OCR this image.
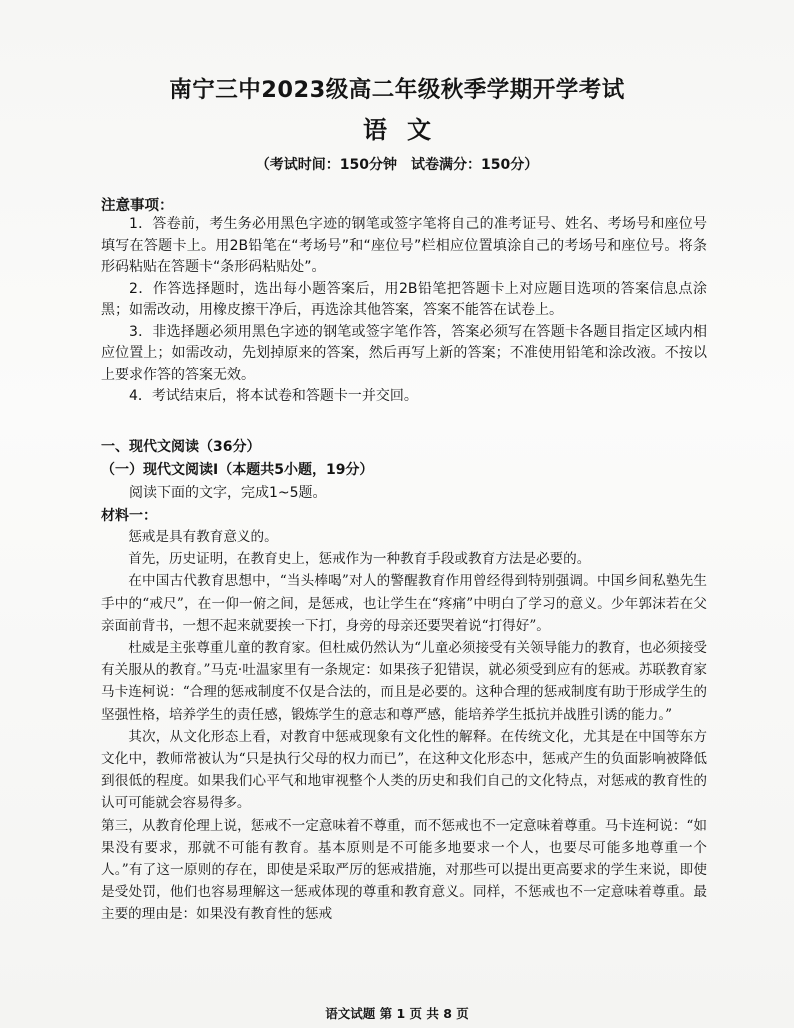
南宁三中2023级高二年级秋季学期开学考试
语文
（考试时间：150分钟　试卷满分：150分）
注意事项：

1．答卷前，考生务必用黑色字迹的钢笔或签字笔将自己的准考证号、姓名、考场号和座位号填写在答题卡上。用2B铅笔在“考场号”和“座位号”栏相应位置填涂自己的考场号和座位号。将条形码粘贴在答题卡“条形码粘贴处”。

2．作答选择题时，选出每小题答案后，用2B铅笔把答题卡上对应题目选项的答案信息点涂黑；如需改动，用橡皮擦干净后，再选涂其他答案，答案不能答在试卷上。

3．非选择题必须用黑色字迹的钢笔或签字笔作答，答案必须写在答题卡各题目指定区域内相应位置上；如需改动，先划掉原来的答案，然后再写上新的答案；不准使用铅笔和涂改液。不按以上要求作答的答案无效。

4．考试结束后，将本试卷和答题卡一并交回。

一、现代文阅读（36分）
（一）现代文阅读Ⅰ（本题共5小题，19分）
阅读下面的文字，完成1~5题。
材料一：

惩戒是具有教育意义的。

首先，历史证明，在教育史上，惩戒作为一种教育手段或教育方法是必要的。

在中国古代教育思想中，“当头棒喝”对人的警醒教育作用曾经得到特别强调。中国乡间私塾先生手中的“戒尺”，在一仰一俯之间，是惩戒，也让学生在“疼痛”中明白了学习的意义。少年郭沫若在父亲面前背书，一想不起来就要挨一下打，身旁的母亲还要哭着说“打得好”。

杜威是主张尊重儿童的教育家。但杜威仍然认为“儿童必须接受有关领导能力的教育，也必须接受有关服从的教育。”马克·吐温家里有一条规定：如果孩子犯错误，就必须受到应有的惩戒。苏联教育家马卡连柯说：“合理的惩戒制度不仅是合法的，而且是必要的。这种合理的惩戒制度有助于形成学生的坚强性格，培养学生的责任感，锻炼学生的意志和尊严感，能培养学生抵抗并战胜引诱的能力。”

其次，从文化形态上看，对教育中惩戒现象有文化性的解释。在传统文化，尤其是在中国等东方文化中，教师常被认为“只是执行父母的权力而已”，在这种文化形态中，惩戒产生的负面影响被降低到很低的程度。如果我们心平气和地审视整个人类的历史和我们自己的文化特点，对惩戒的教育性的认可可能就会容易得多。

第三，从教育伦理上说，惩戒不一定意味着不尊重，而不惩戒也不一定意味着尊重。马卡连柯说：“如果没有要求，那就不可能有教育。基本原则是不可能多地要求一个人，也要尽可能多地尊重一个人。”有了这一原则的存在，即使是采取严厉的惩戒措施，对那些可以提出更高要求的学生来说，即使是受处罚，他们也容易理解这一惩戒体现的尊重和教育意义。同样，不惩戒也不一定意味着尊重。最主要的理由是：如果没有教育性的惩戒

语文试题 第 1 页 共 8 页
